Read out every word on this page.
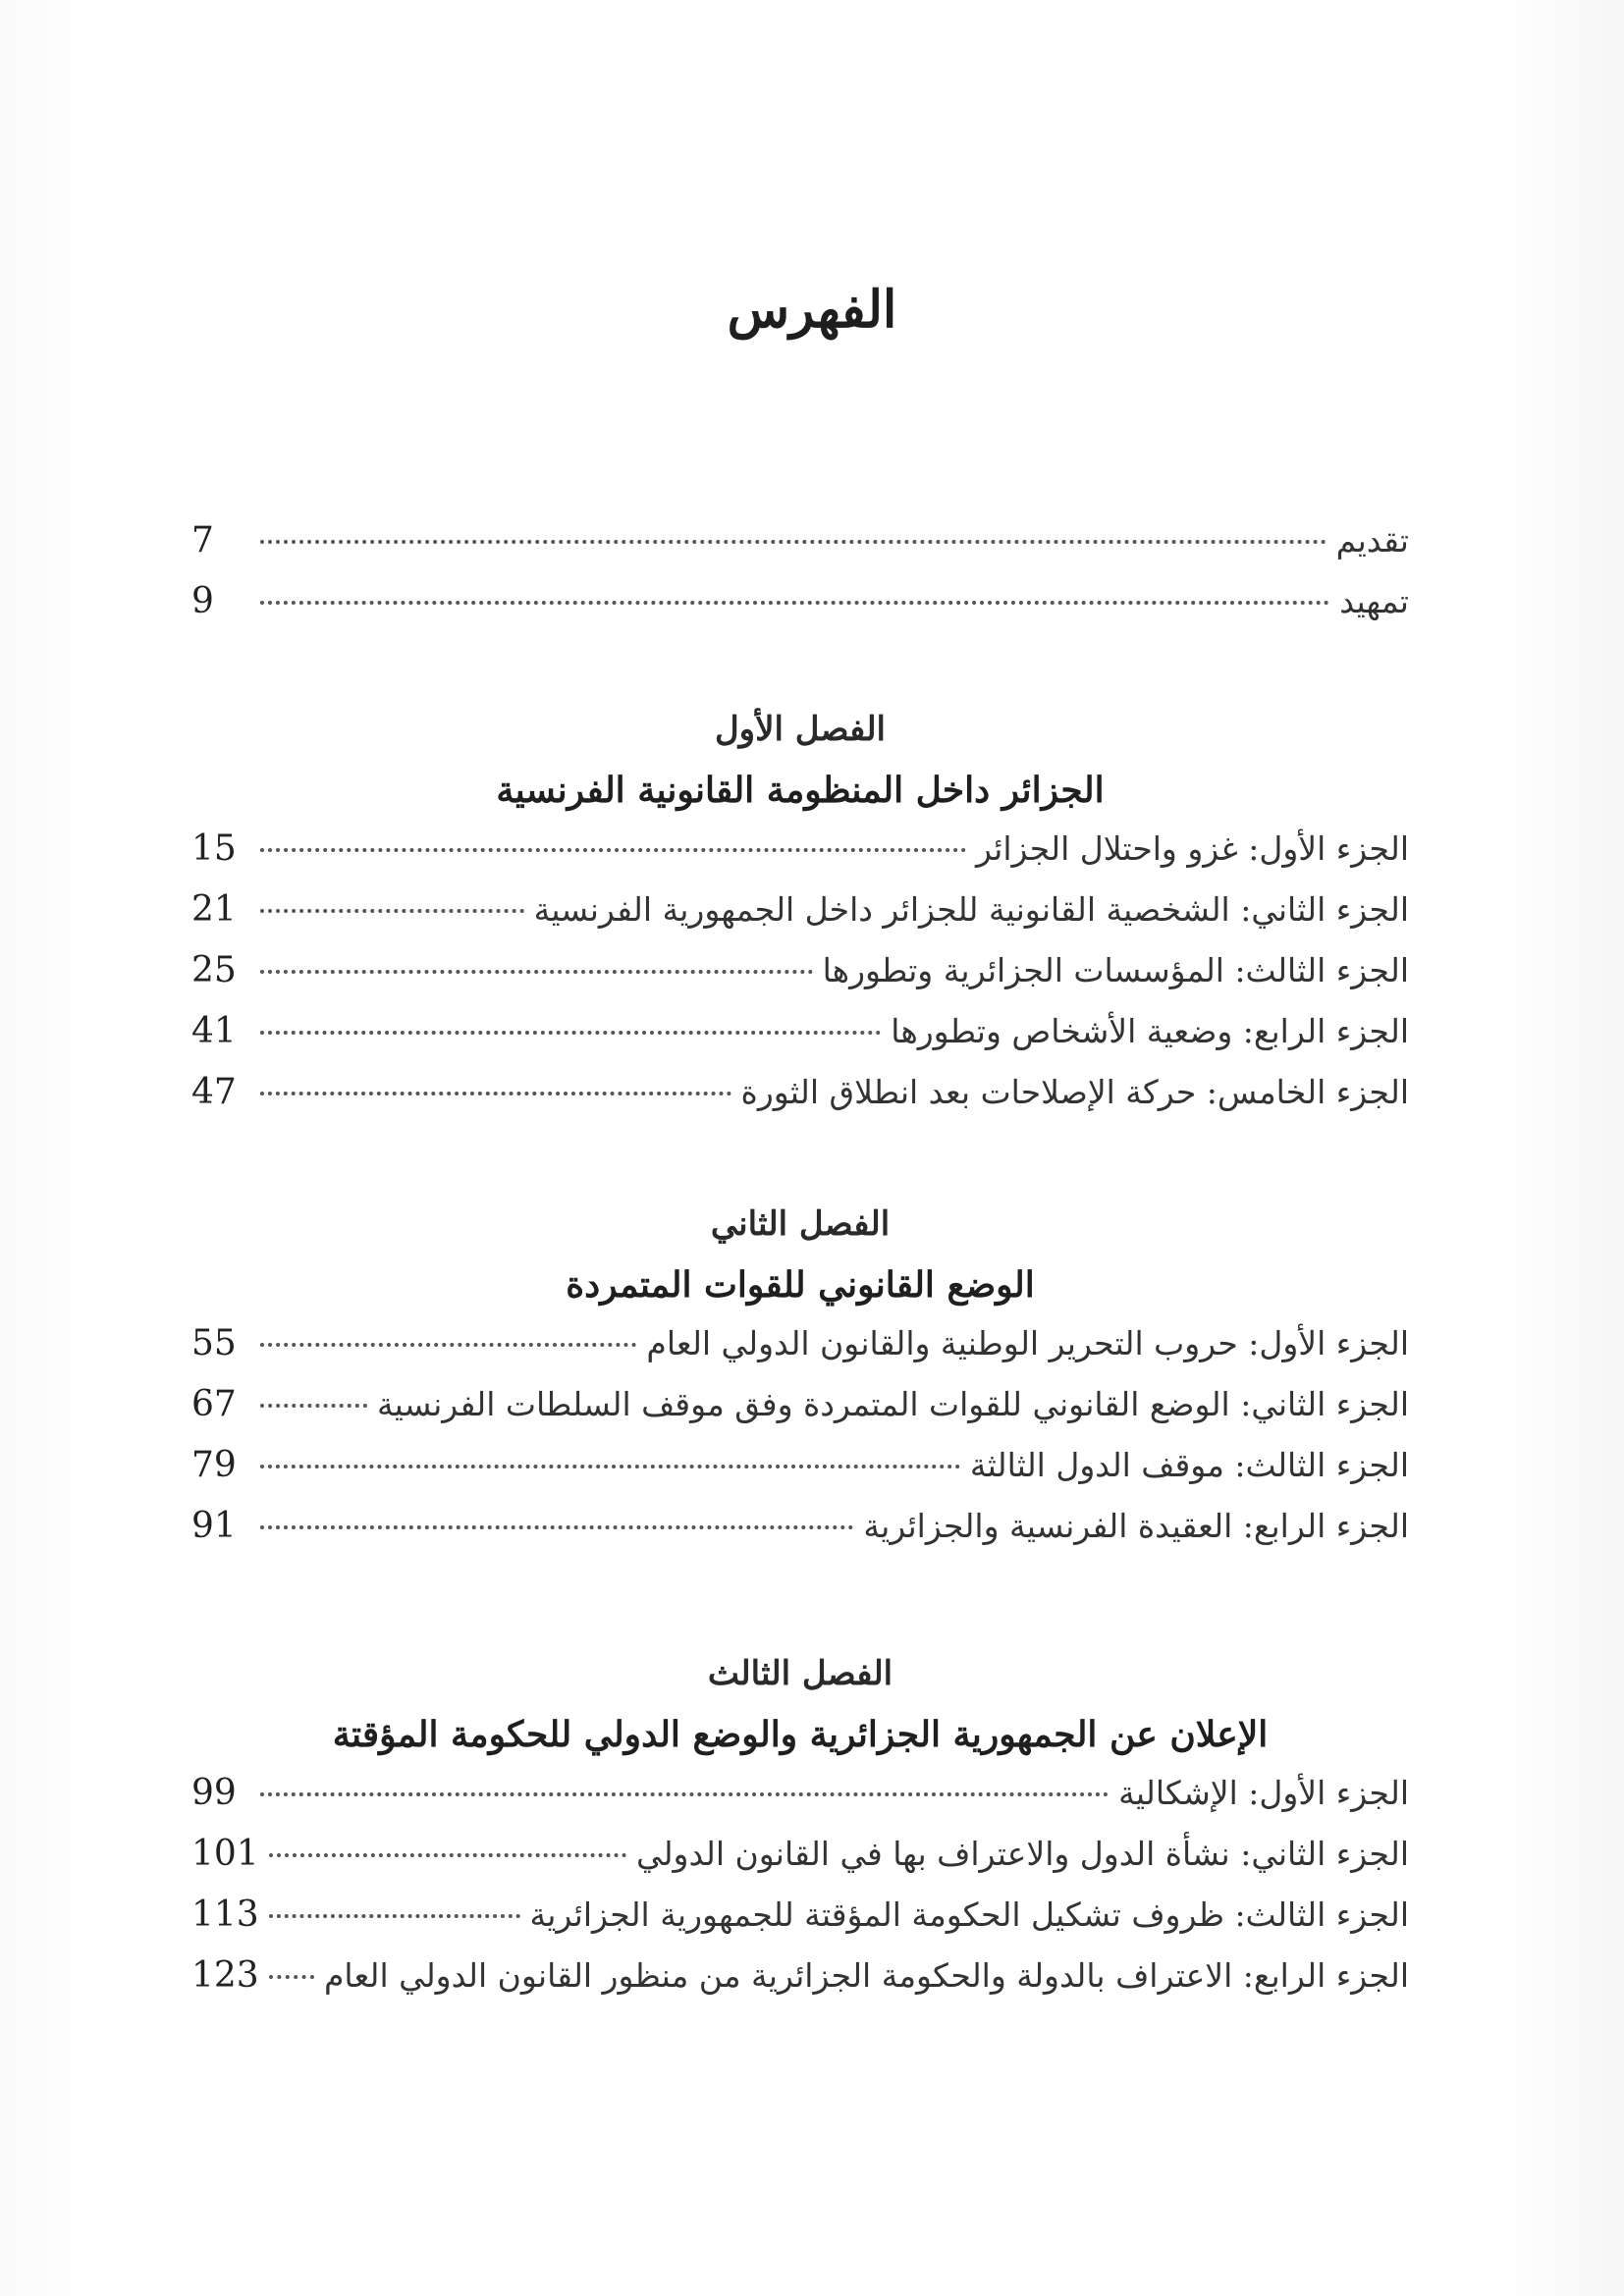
الفهرس
تقديم
7
تمهيد
9
الفصل الأول
الجزائر داخل المنظومة القانونية الفرنسية
الجزء الأول: غزو واحتلال الجزائر
15
الجزء الثاني: الشخصية القانونية للجزائر داخل الجمهورية الفرنسية
21
الجزء الثالث: المؤسسات الجزائرية وتطورها
25
الجزء الرابع: وضعية الأشخاص وتطورها
41
الجزء الخامس: حركة الإصلاحات بعد انطلاق الثورة
47
الفصل الثاني
الوضع القانوني للقوات المتمردة
الجزء الأول: حروب التحرير الوطنية والقانون الدولي العام
55
الجزء الثاني: الوضع القانوني للقوات المتمردة وفق موقف السلطات الفرنسية
67
الجزء الثالث: موقف الدول الثالثة
79
الجزء الرابع: العقيدة الفرنسية والجزائرية
91
الفصل الثالث
الإعلان عن الجمهورية الجزائرية والوضع الدولي للحكومة المؤقتة
الجزء الأول: الإشكالية
99
الجزء الثاني: نشأة الدول والاعتراف بها في القانون الدولي
101
الجزء الثالث: ظروف تشكيل الحكومة المؤقتة للجمهورية الجزائرية
113
الجزء الرابع: الاعتراف بالدولة والحكومة الجزائرية من منظور القانون الدولي العام
123
